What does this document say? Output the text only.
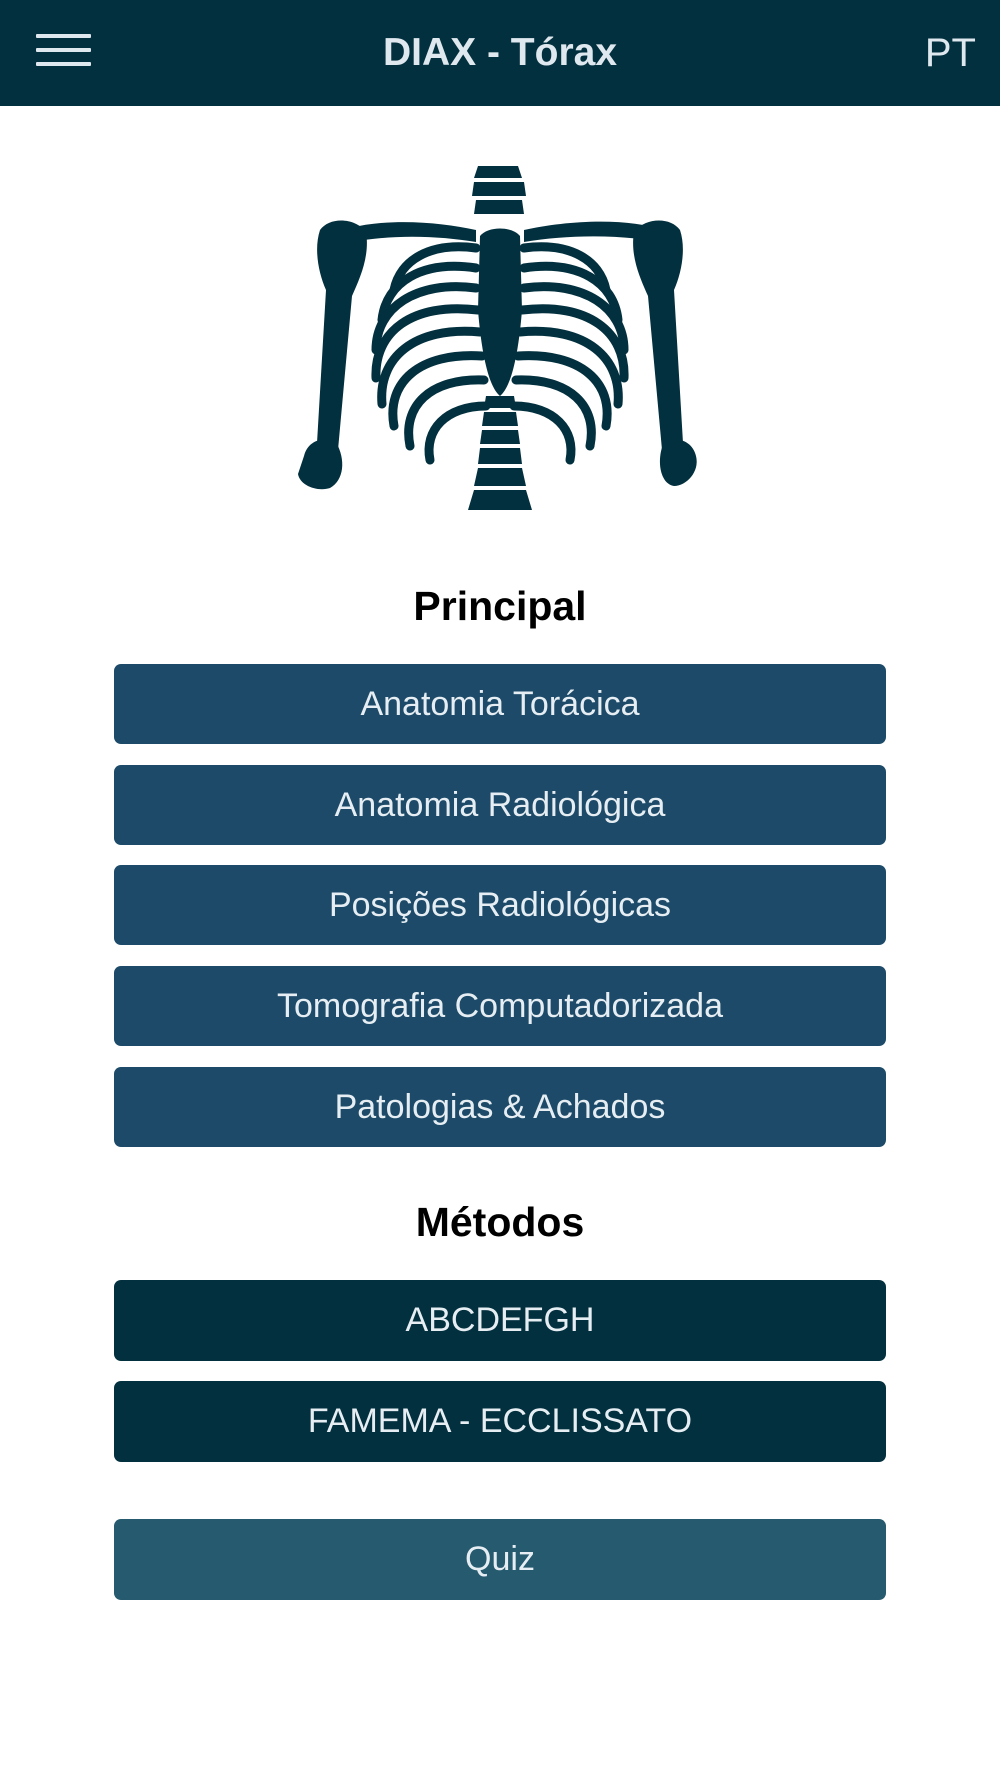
DIAX - Tórax	PT
Principal
Anatomia Torácica
Anatomia Radiológica
Posições Radiológicas
Tomografia Computadorizada
Patologias & Achados
Métodos
ABCDEFGH
FAMEMA - ECCLISSATO
Quiz
